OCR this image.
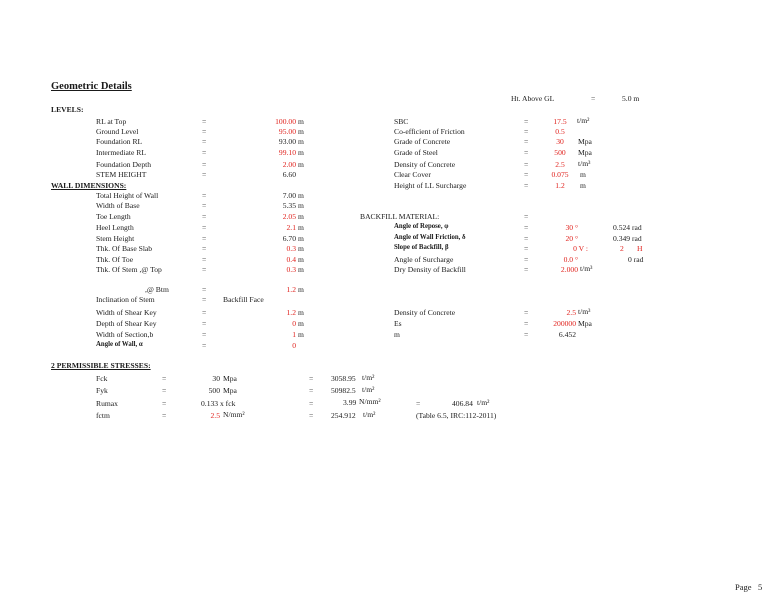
Geometric Details
Ht. Above GL	=	5.0 m
LEVELS:
RL at Top	=	100.00 m
Ground Level	=	95.00 m
Foundation RL	=	93.00 m
Intermediate RL	=	99.10 m
Foundation Depth	=	2.00 m
STEM HEIGHT	=	6.60
SBC	=	17.5	t/m²
Co-efficient of Friction	=	0.5
Grade of Concrete	=	30	Mpa
Grade of Steel	=	500	Mpa
Density of Concrete	=	2.5	t/m³
Clear Cover	=	0.075	m
Height of LL Surcharge	=	1.2	m
WALL DIMENSIONS:
Total Height of Wall	=	7.00 m
Width of Base	=	5.35 m
Toe Length	=	2.05 m
Heel Length	=	2.1 m
Stem Height	=	6.70 m
Thk. Of Base Slab	=	0.3 m
Thk. Of Toe	=	0.4 m
Thk. Of Stem ,@ Top	=	0.3 m
BACKFILL MATERIAL:	=
Angle of Repose, φ	=	30 °	0.524 rad
Angle of Wall Friction, δ	=	20 °	0.349 rad
Slope of Backfill, β	=	0 V :	2 H
Angle of Surcharge	=	0.0 °	0 rad
Dry Density of Backfill	=	2.000 t/m³
,@ Btm	=	1.2 m
Inclination of Stem	= Backfill Face
Width of Shear Key	=	1.2 m
Depth of Shear Key	=	0 m
Width of Section,b	=	1 m
Angle of Wall, α	=	0
Density of Concrete	=	2.5 t/m³
Es	=	200000 Mpa
m	=	6.452
2 PERMISSIBLE STRESSES:
Fck	=	30 Mpa	= 3058.95 t/m²
Fyk	=	500 Mpa	= 50982.5 t/m²
Rumax	=	0.133 x fck	=	3.99 N/mm²	=	406.84 t/m²
fctm	=	2.5 N/mm²	= 254.912 t/m²	(Table 6.5, IRC:112-2011)
Page 5
